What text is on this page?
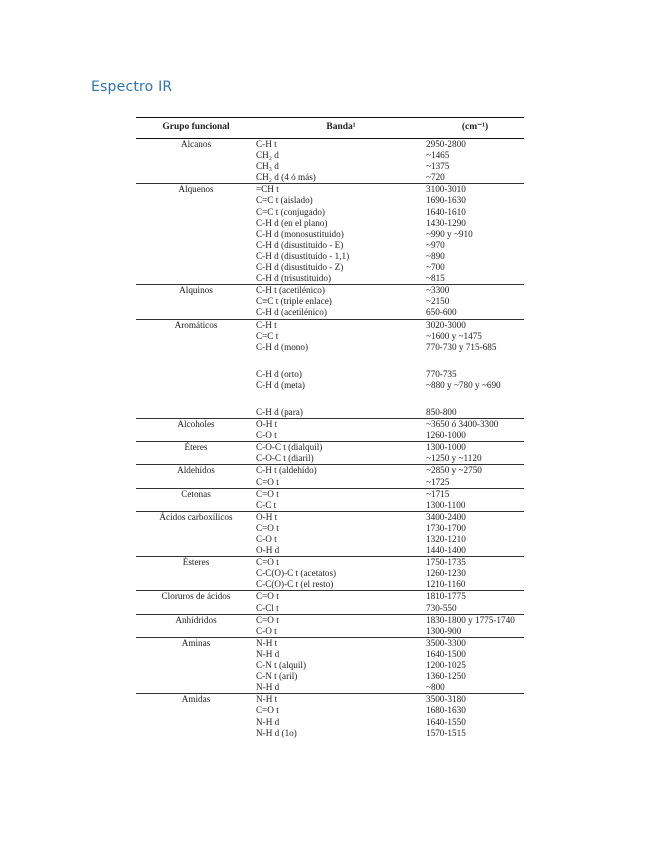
Espectro IR
Grupo funcional	Banda¹	(cm⁻¹)
Alcanos	C-H t	2950-2800
	CH₂ d	~1465
	CH₃ d	~1375
	CH₂ d (4 ó más)	~720
Alquenos	=CH t	3100-3010
	C=C t (aislado)	1690-1630
	C=C t (conjugado)	1640-1610
	C-H d (en el plano)	1430-1290
	C-H d (monosustituido)	~990 y ~910
	C-H d (disustituido - E)	~970
	C-H d (disustituido - 1,1)	~890
	C-H d (disustituido - Z)	~700
	C-H d (trisustituido)	~815
Alquinos	C-H t (acetilénico)	~3300
	C≡C t (triple enlace)	~2150
	C-H d (acetilénico)	650-600
Aromáticos	C-H t	3020-3000
	C=C t	~1600 y ~1475
	C-H d (mono)	770-730 y 715-685

	C-H d (orto)	770-735
	C-H d (meta)	~880 y ~780 y ~690

	C-H d (para)	850-800
Alcoholes	O-H t	~3650 ó 3400-3300
	C-O t	1260-1000
Éteres	C-O-C t (dialquil)	1300-1000
	C-O-C t (diaril)	~1250 y ~1120
Aldehídos	C-H t (aldehído)	~2850 y ~2750
	C=O t	~1725
Cetonas	C=O t	~1715
	C-C t	1300-1100
Ácidos carboxílicos	O-H t	3400-2400
	C=O t	1730-1700
	C-O t	1320-1210
	O-H d	1440-1400
Ésteres	C=O t	1750-1735
	C-C(O)-C t (acetatos)	1260-1230
	C-C(O)-C t (el resto)	1210-1160
Cloruros de ácidos	C=O t	1810-1775
	C-Cl t	730-550
Anhídridos	C=O t	1830-1800 y 1775-1740
	C-O t	1300-900
Aminas	N-H t	3500-3300
	N-H d	1640-1500
	C-N t (alquil)	1200-1025
	C-N t (aril)	1360-1250
	N-H d	~800
Amidas	N-H t	3500-3180
	C=O t	1680-1630
	N-H d	1640-1550
	N-H d (1o)	1570-1515
